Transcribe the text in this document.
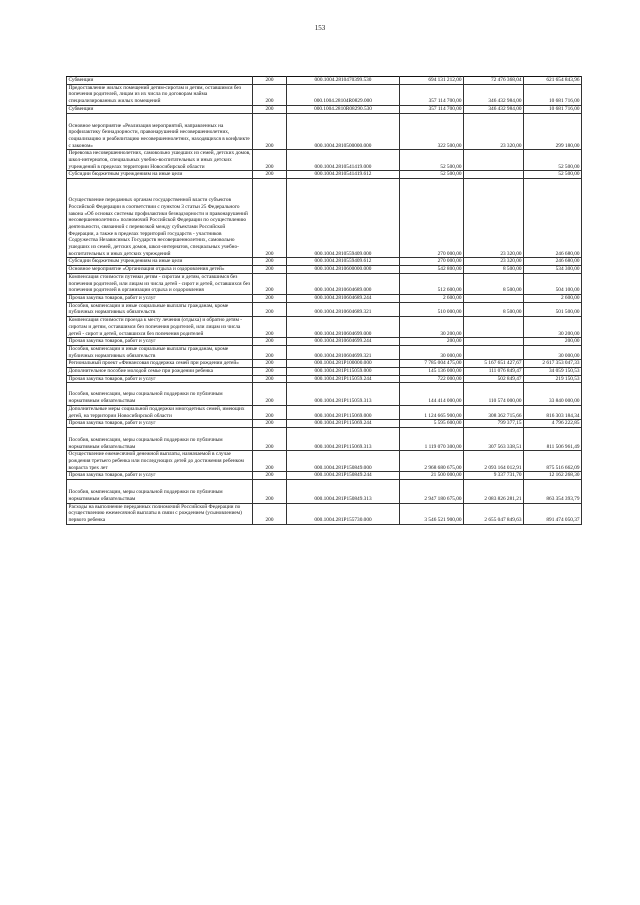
153
Субвенции	200	000.1004.2810470399.530	694 131 212,00	72 476 368,04	621 654 843,96
Предоставление жилых помещений детям-сиротам и детям, оставшимся без попечения родителей, лицам из их числа по договорам найма специализированных жилых помещений	200	000.1004.28104R0829.000	357 114 700,00	346 432 984,00	10 681 716,00
Субвенции	200	000.1004.2810R08290.530	357 114 700,00	346 432 984,00	10 681 716,00
Основное мероприятие «Реализация мероприятий, направленных на профилактику безнадзорности, правонарушений несовершеннолетних, социализацию и реабилитацию несовершеннолетних, находящихся в конфликте с законом»	200	000.1004.2810500000.000	322 500,00	23 320,00	299 180,00
Перевозка несовершеннолетних, самовольно ушедших из семей, детских домов, школ-интернатов, специальных учебно-воспитательных и иных детских учреждений в пределах территории Новосибирской области	200	000.1004.2810541419.000	52 500,00		52 500,00
Субсидии бюджетным учреждениям на иные цели	200	000.1004.2810541419.612	52 500,00		52 500,00
Осуществление переданных органам государственной власти субъектов Российской Федерации в соответствии с пунктом 3 статьи 25 Федерального закона «Об основах системы профилактики безнадзорности и правонарушений несовершеннолетних» полномочий Российской Федерации по осуществлению деятельности, связанной с перевозкой между субъектами Российской Федерации, а также в пределах территорий государств - участников Содружества Независимых Государств несовершеннолетних, самовольно ушедших из семей, детских домов, школ-интернатов, специальных учебно-воспитательных и иных детских учреждений	200	000.1004.2810559409.000	270 000,00	23 320,00	246 680,00
Субсидии бюджетным учреждениям на иные цели	200	000.1004.2810559409.612	270 000,00	23 320,00	246 680,00
Основное мероприятие «Организация отдыха и оздоровления детей»	200	000.1004.2810600000.000	542 800,00	8 500,00	534 300,00
Компенсация стоимости путевки детям - сиротам и детям, оставшимся без попечения родителей, или лицам из числа детей - сирот и детей, оставшихся без попечения родителей в организации отдыха и оздоровления	200	000.1004.2810604689.000	512 600,00	8 500,00	504 100,00
Прочая закупка товаров, работ и услуг	200	000.1004.2810604689.244	2 600,00		2 600,00
Пособия, компенсации и иные социальные выплаты гражданам, кроме публичных нормативных обязательств	200	000.1004.2810604689.321	510 000,00	8 500,00	501 500,00
Компенсация стоимости проезда к месту лечения (отдыха) и обратно детям - сиротам и детям, оставшимся без попечения родителей, или лицам из числа детей - сирот и детей, оставшихся без попечения родителей	200	000.1004.2810604699.000	30 200,00		30 200,00
Прочая закупка товаров, работ и услуг	200	000.1004.2810604699.244	200,00		200,00
Пособия, компенсации и иные социальные выплаты гражданам, кроме публичных нормативных обязательств	200	000.1004.2810604699.321	30 000,00		30 000,00
Региональный проект «Финансовая поддержка семей при рождении детей»	200	000.1004.281P100000.000	7 785 004 475,00	5 167 651 427,67	2 617 353 047,33
Дополнительное пособие молодой семье при рождении ребенка	200	000.1004.281P115059.000	145 136 000,00	111 076 849,47	34 059 150,53
Прочая закупка товаров, работ и услуг	200	000.1004.281P115059.244	722 000,00	502 849,47	219 150,53
Пособия, компенсации, меры социальной поддержки по публичным нормативным обязательствам	200	000.1004.281P115059.313	144 414 000,00	110 574 000,00	33 840 000,00
Дополнительные меры социальной поддержки многодетных семей, имеющих детей, на территории Новосибирской области	200	000.1004.281P115069.000	1 124 665 900,00	308 362 715,66	816 303 184,34
Прочая закупка товаров, работ и услуг	200	000.1004.281P115069.244	5 595 600,00	799 377,15	4 796 222,85
Пособия, компенсации, меры социальной поддержки по публичным нормативным обязательствам	200	000.1004.281P115069.313	1 119 070 300,00	307 563 338,51	811 506 961,49
Осуществление ежемесячной денежной выплаты, назначаемой в случае рождения третьего ребенка или последующих детей до достижения ребенком возраста трех лет	200	000.1004.281P150849.000	2 968 680 675,00	2 093 164 012,91	875 516 662,09
Прочая закупка товаров, работ и услуг	200	000.1004.281P150849.244	21 500 000,00	9 337 731,70	12 162 268,30
Пособия, компенсации, меры социальной поддержки по публичным нормативным обязательствам	200	000.1004.281P150849.313	2 947 180 675,00	2 083 826 281,21	863 354 393,79
Расходы на выполнение переданных полномочий Российской Федерации по осуществлению ежемесячной выплаты в связи с рождением (усыновлением) первого ребенка	200	000.1004.281P155730.000	3 546 521 900,00	2 655 047 849,63	891 474 050,37
